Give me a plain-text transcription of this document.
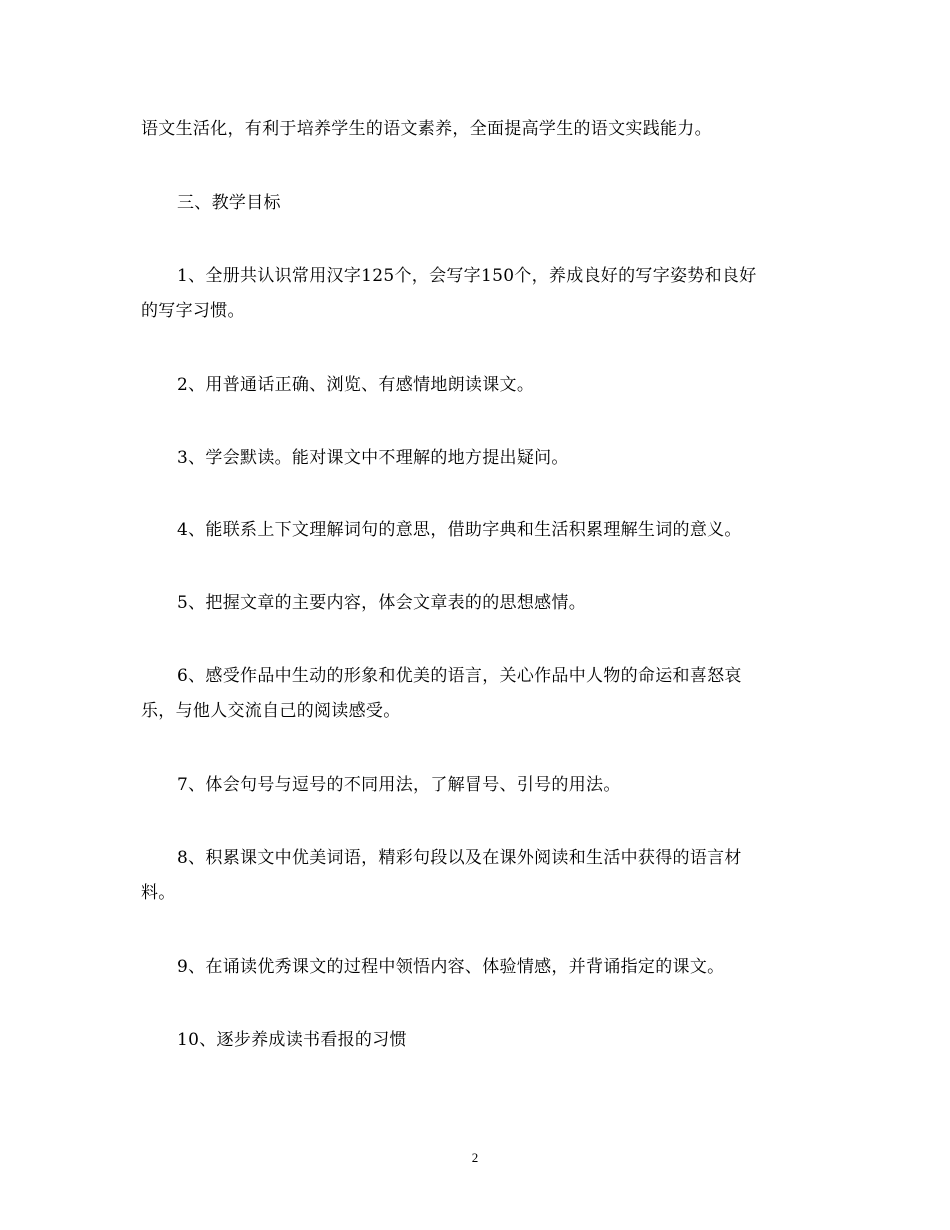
语文生活化，有利于培养学生的语文素养，全面提高学生的语文实践能力。
三、教学目标
1、全册共认识常用汉字125个，会写字150个，养成良好的写字姿势和良好
的写字习惯。
2、用普通话正确、浏览、有感情地朗读课文。
3、学会默读。能对课文中不理解的地方提出疑问。
4、能联系上下文理解词句的意思，借助字典和生活积累理解生词的意义。
5、把握文章的主要内容，体会文章表的的思想感情。
6、感受作品中生动的形象和优美的语言，关心作品中人物的命运和喜怒哀
乐，与他人交流自己的阅读感受。
7、体会句号与逗号的不同用法，了解冒号、引号的用法。
8、积累课文中优美词语，精彩句段以及在课外阅读和生活中获得的语言材
料。
9、在诵读优秀课文的过程中领悟内容、体验情感，并背诵指定的课文。
10、逐步养成读书看报的习惯
2
